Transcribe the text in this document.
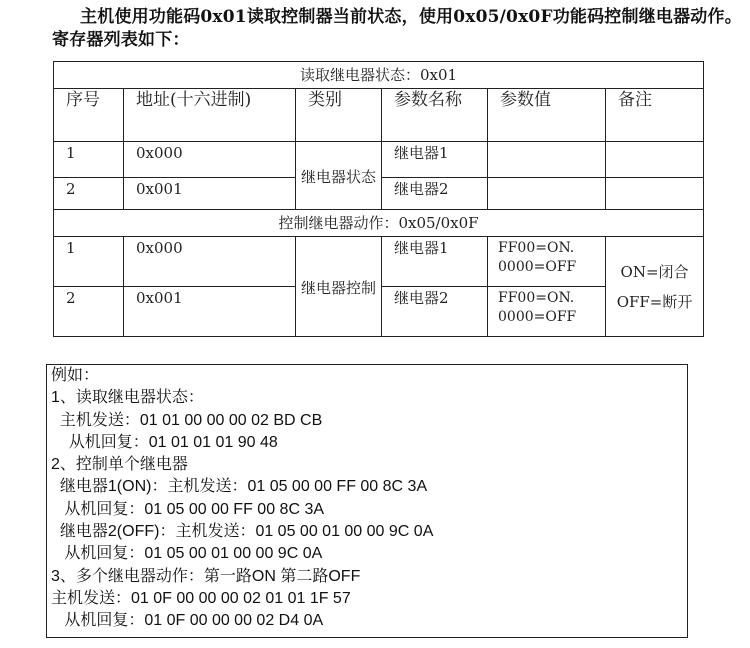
主机使用功能码0x01读取控制器当前状态，使用0x05/0x0F功能码控制继电器动作。寄存器列表如下：
读取继电器状态：0x01					
序号	地址(十六进制)	类别	参数名称	参数值	备注
1	0x000	继电器状态	继电器1		
2	0x001		继电器2		
控制继电器动作：0x05/0x0F					
1	0x000	继电器控制	继电器1	FF00=ON. 0000=OFF	ON=闭合 OFF=断开
2	0x001		继电器2	FF00=ON. 0000=OFF	
例如：
1、读取继电器状态：
主机发送：01 01 00 00 00 02 BD CB
从机回复：01 01 01 01 90 48
2、控制单个继电器
继电器1(ON)：主机发送：01 05 00 00 FF 00 8C 3A
从机回复：01 05 00 00 FF 00 8C 3A
继电器2(OFF)：主机发送：01 05 00 01 00 00 9C 0A
从机回复：01 05 00 01 00 00 9C 0A
3、多个继电器动作：第一路ON 第二路OFF
主机发送：01 0F 00 00 00 02 01 01 1F 57
从机回复：01 0F 00 00 00 02 D4 0A
